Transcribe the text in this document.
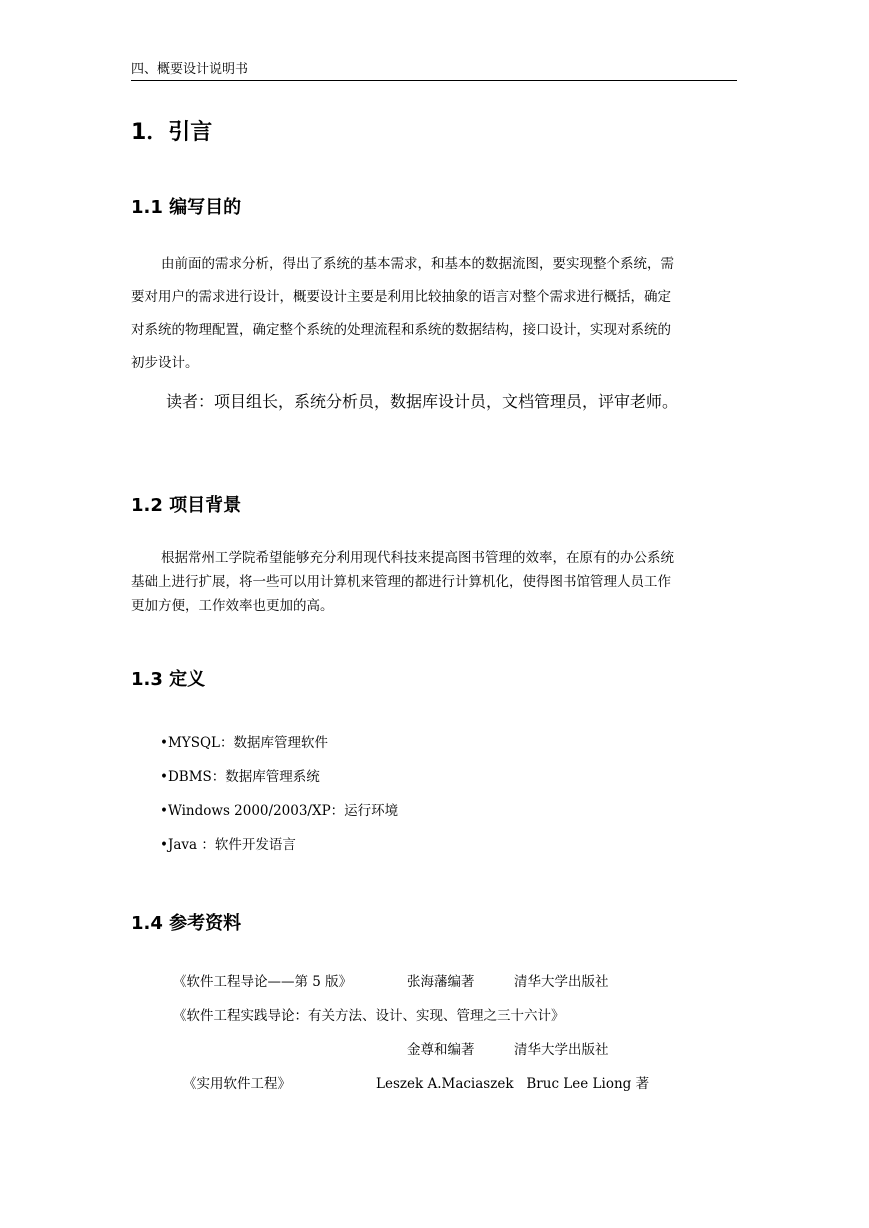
四、概要设计说明书
1．引言
1.1 编写目的
由前面的需求分析，得出了系统的基本需求，和基本的数据流图，要实现整个系统，需
要对用户的需求进行设计，概要设计主要是利用比较抽象的语言对整个需求进行概括，确定
对系统的物理配置，确定整个系统的处理流程和系统的数据结构，接口设计，实现对系统的
初步设计。
读者：项目组长，系统分析员，数据库设计员，文档管理员，评审老师。
1.2 项目背景
根据常州工学院希望能够充分利用现代科技来提高图书管理的效率，在原有的办公系统
基础上进行扩展，将一些可以用计算机来管理的都进行计算机化，使得图书馆管理人员工作
更加方便，工作效率也更加的高。
1.3 定义
•MYSQL：数据库管理软件
•DBMS：数据库管理系统
•Windows 2000/2003/XP：运行环境
•Java ：软件开发语言
1.4 参考资料
《软件工程导论——第 5 版》	张海藩编著	清华大学出版社
《软件工程实践导论：有关方法、设计、实现、管理之三十六计》
金尊和编著	清华大学出版社
《实用软件工程》	Leszek A.Maciaszek   Bruc Lee Liong 著
